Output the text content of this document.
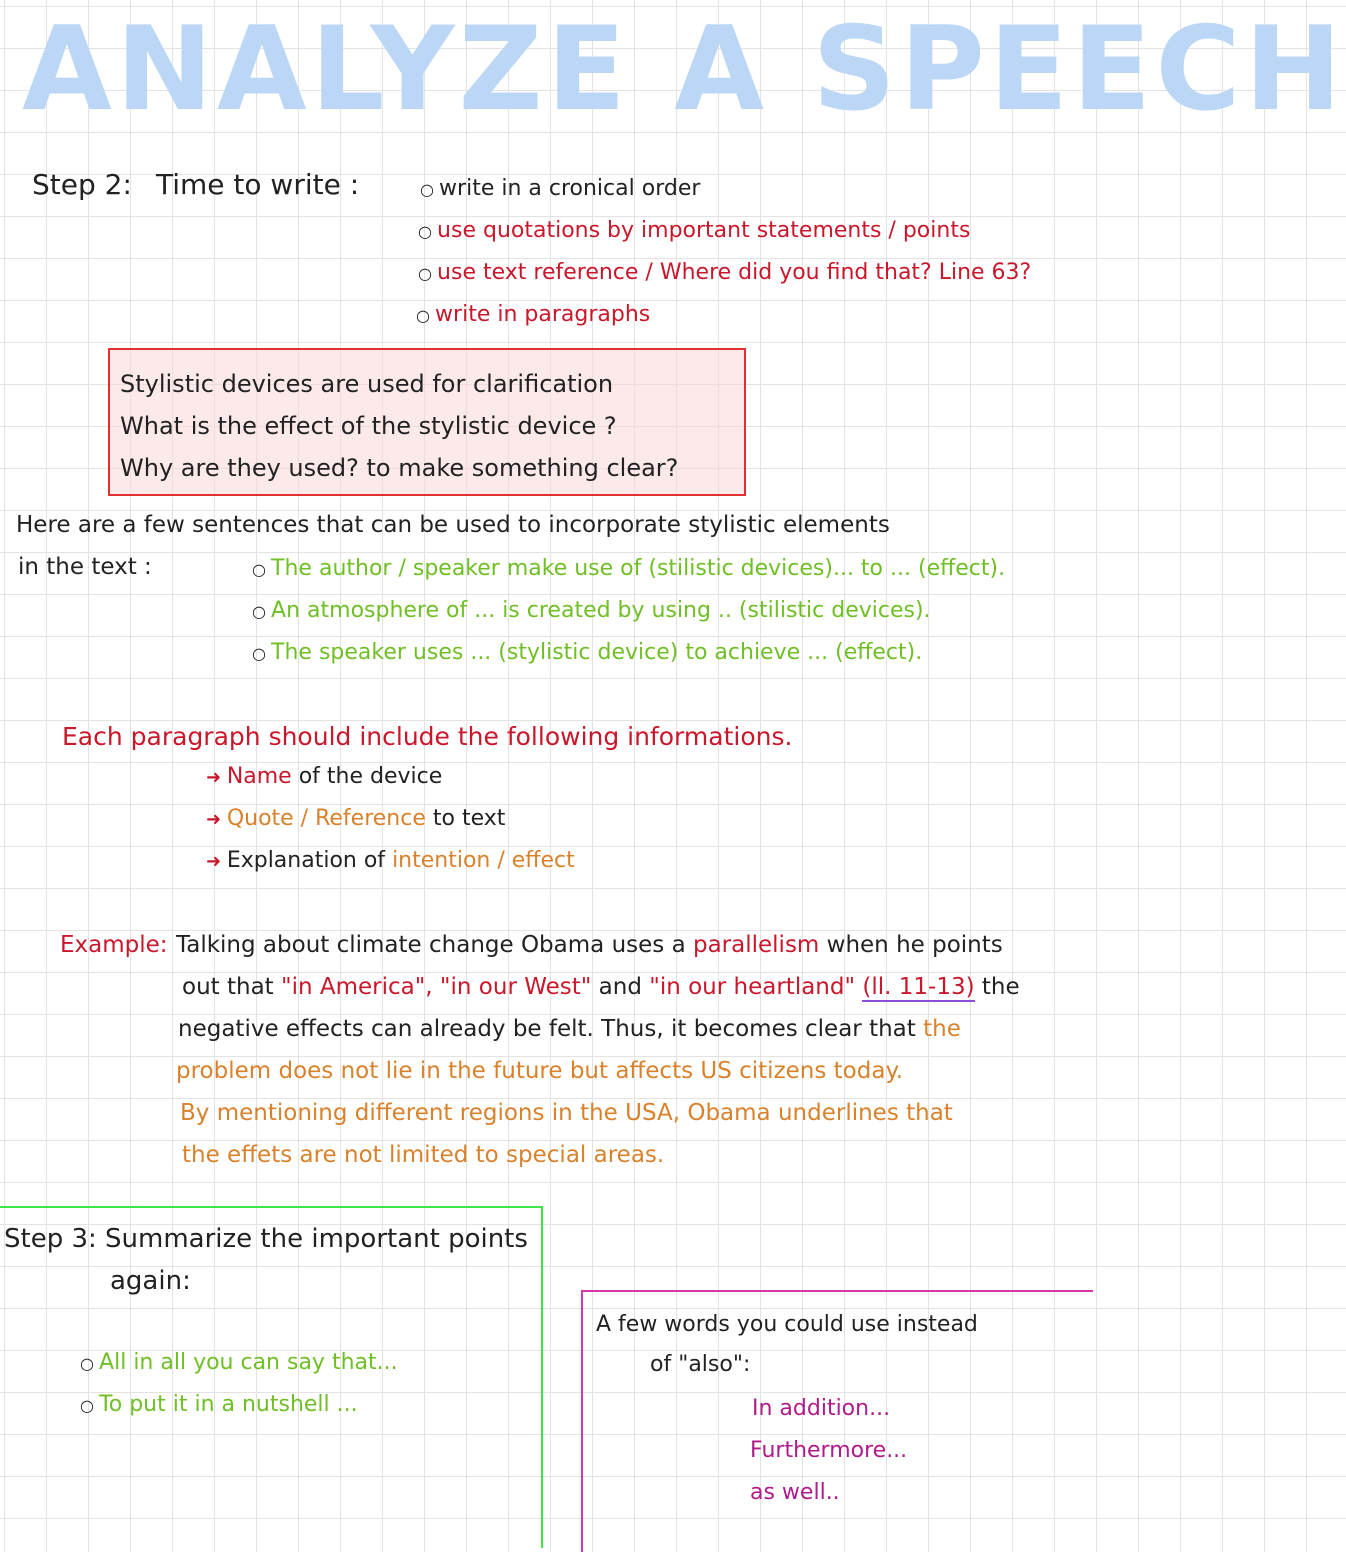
ANALYZE A SPEECH
Step 2: Time to write :	○ write in a cronical order
○ use quotations by important statements / points
○ use text reference / Where did you find that? Line 63?
○ write in paragraphs
Stylistic devices are used for clarification
What is the effect of the stylistic device ?
Why are they used? to make something clear?
Here are a few sentences that can be used to incorporate stylistic elements
in the text :	○ The author / speaker make use of (stilistic devices)... to ... (effect).
○ An atmosphere of ... is created by using .. (stilistic devices).
○ The speaker uses ... (stylistic device) to achieve ... (effect).
Each paragraph should include the following informations.
➜ Name of the device
➜ Quote / Reference to text
➜ Explanation of intention / effect
Example: Talking about climate change Obama uses a parallelism when he points
out that "in America", "in our West" and "in our heartland" (ll. 11-13) the
negative effects can already be felt. Thus, it becomes clear that the
problem does not lie in the future but affects US citizens today.
By mentioning different regions in the USA, Obama underlines that
the effets are not limited to special areas.
Step 3: Summarize the important points
again:
○ All in all you can say that...
○ To put it in a nutshell ...
A few words you could use instead
of "also":
In addition...
Furthermore...
as well..
